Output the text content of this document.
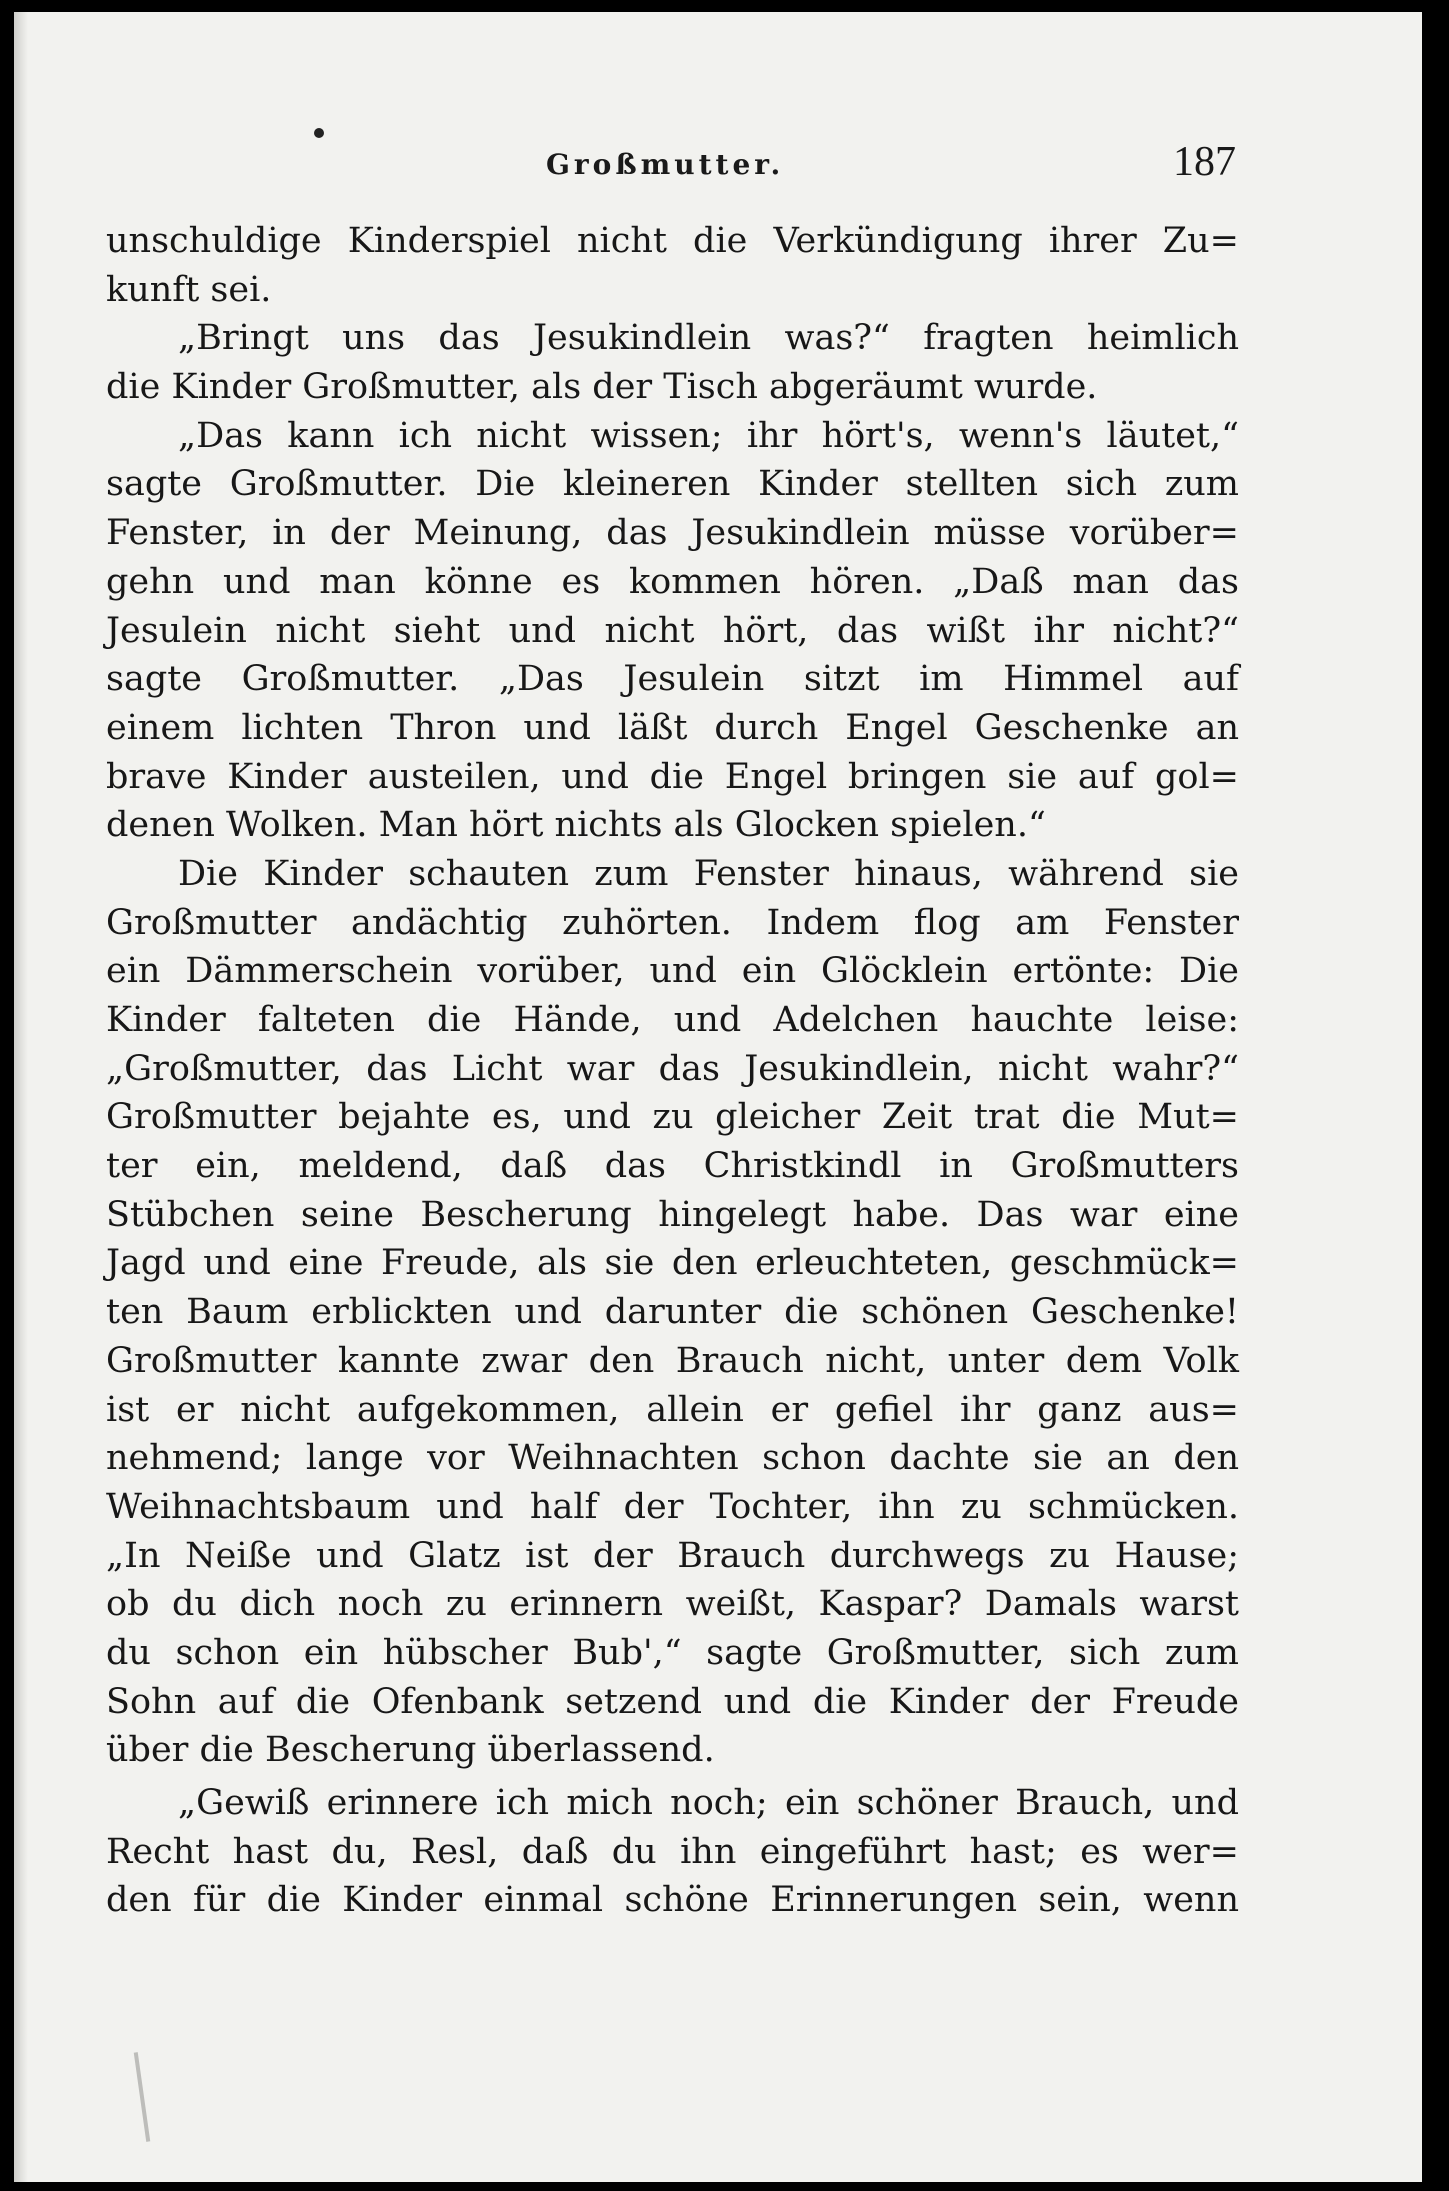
Großmutter.	187
unschuldige Kinderspiel nicht die Verkündigung ihrer Zu=
kunft sei.
„Bringt uns das Jesukindlein was?“ fragten heimlich
die Kinder Großmutter, als der Tisch abgeräumt wurde.
„Das kann ich nicht wissen; ihr hört's, wenn's läutet,“
sagte Großmutter. Die kleineren Kinder stellten sich zum
Fenster, in der Meinung, das Jesukindlein müsse vorüber=
gehn und man könne es kommen hören. „Daß man das
Jesulein nicht sieht und nicht hört, das wißt ihr nicht?“
sagte Großmutter. „Das Jesulein sitzt im Himmel auf
einem lichten Thron und läßt durch Engel Geschenke an
brave Kinder austeilen, und die Engel bringen sie auf gol=
denen Wolken. Man hört nichts als Glocken spielen.“
Die Kinder schauten zum Fenster hinaus, während sie
Großmutter andächtig zuhörten. Indem flog am Fenster
ein Dämmerschein vorüber, und ein Glöcklein ertönte: Die
Kinder falteten die Hände, und Adelchen hauchte leise:
„Großmutter, das Licht war das Jesukindlein, nicht wahr?“
Großmutter bejahte es, und zu gleicher Zeit trat die Mut=
ter ein, meldend, daß das Christkindl in Großmutters
Stübchen seine Bescherung hingelegt habe. Das war eine
Jagd und eine Freude, als sie den erleuchteten, geschmück=
ten Baum erblickten und darunter die schönen Geschenke!
Großmutter kannte zwar den Brauch nicht, unter dem Volk
ist er nicht aufgekommen, allein er gefiel ihr ganz aus=
nehmend; lange vor Weihnachten schon dachte sie an den
Weihnachtsbaum und half der Tochter, ihn zu schmücken.
„In Neiße und Glatz ist der Brauch durchwegs zu Hause;
ob du dich noch zu erinnern weißt, Kaspar? Damals warst
du schon ein hübscher Bub',“ sagte Großmutter, sich zum
Sohn auf die Ofenbank setzend und die Kinder der Freude
über die Bescherung überlassend.
„Gewiß erinnere ich mich noch; ein schöner Brauch, und
Recht hast du, Resl, daß du ihn eingeführt hast; es wer=
den für die Kinder einmal schöne Erinnerungen sein, wenn
